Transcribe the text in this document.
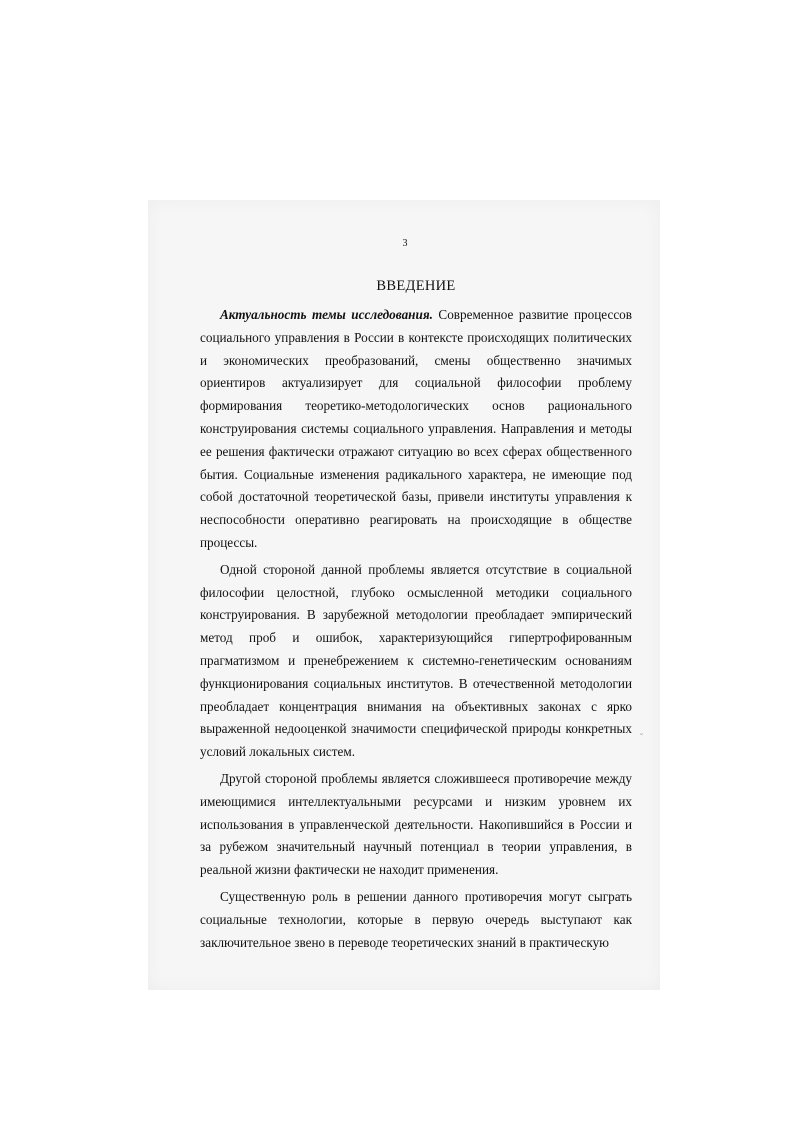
3
ВВЕДЕНИЕ

Актуальность темы исследования. Современное развитие процессов социального управления в России в контексте происходящих политических и экономических преобразований, смены общественно значимых ориентиров актуализирует для социальной философии проблему формирования теоретико-методологических основ рационального конструирования системы социального управления. Направления и методы ее решения фактически отражают ситуацию во всех сферах общественного бытия. Социальные изменения радикального характера, не имеющие под собой достаточной теоретической базы, привели институты управления к неспособности оперативно реагировать на происходящие в обществе процессы.

Одной стороной данной проблемы является отсутствие в социальной философии целостной, глубоко осмысленной методики социального конструирования. В зарубежной методологии преобладает эмпирический метод проб и ошибок, характеризующийся гипертрофированным прагматизмом и пренебрежением к системно-генетическим основаниям функционирования социальных институтов. В отечественной методологии преобладает концентрация внимания на объективных законах с ярко выраженной недооценкой значимости специфической природы конкретных условий локальных систем.

Другой стороной проблемы является сложившееся противоречие между имеющимися интеллектуальными ресурсами и низким уровнем их использования в управленческой деятельности. Накопившийся в России и за рубежом значительный научный потенциал в теории управления, в реальной жизни фактически не находит применения.

Существенную роль в решении данного противоречия могут сыграть социальные технологии, которые в первую очередь выступают как заключительное звено в переводе теоретических знаний в практическую

˘
